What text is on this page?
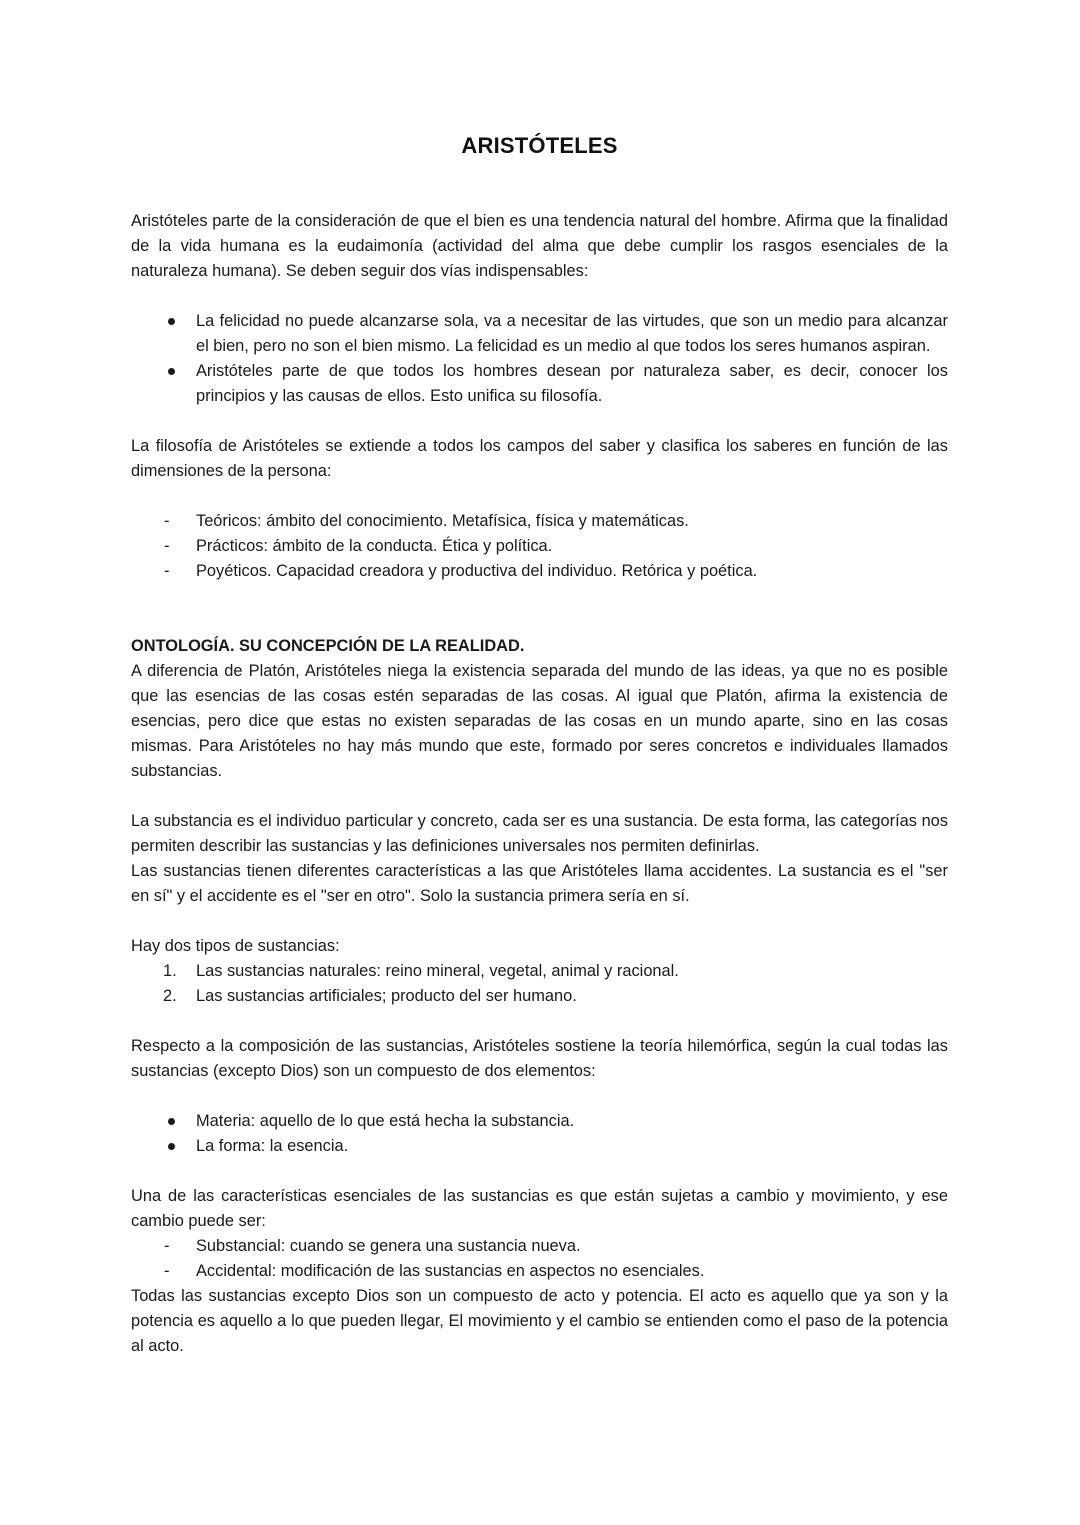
ARISTÓTELES

Aristóteles parte de la consideración de que el bien es una tendencia natural del hombre. Afirma que la finalidad de la vida humana es la eudaimonía (actividad del alma que debe cumplir los rasgos esenciales de la naturaleza humana). Se deben seguir dos vías indispensables:

La felicidad no puede alcanzarse sola, va a necesitar de las virtudes, que son un medio para alcanzar el bien, pero no son el bien mismo. La felicidad es un medio al que todos los seres humanos aspiran.
Aristóteles parte de que todos los hombres desean por naturaleza saber, es decir, conocer los principios y las causas de ellos. Esto unifica su filosofía.

La filosofía de Aristóteles se extiende a todos los campos del saber y clasifica los saberes en función de las dimensiones de la persona:

-	Teóricos: ámbito del conocimiento. Metafísica, física y matemáticas.
-	Prácticos: ámbito de la conducta. Ética y política.
-	Poyéticos. Capacidad creadora y productiva del individuo. Retórica y poética.

ONTOLOGÍA. SU CONCEPCIÓN DE LA REALIDAD.

A diferencia de Platón, Aristóteles niega la existencia separada del mundo de las ideas, ya que no es posible que las esencias de las cosas estén separadas de las cosas. Al igual que Platón, afirma la existencia de esencias, pero dice que estas no existen separadas de las cosas en un mundo aparte, sino en las cosas mismas. Para Aristóteles no hay más mundo que este, formado por seres concretos e individuales llamados substancias.

La substancia es el individuo particular y concreto, cada ser es una sustancia. De esta forma, las categorías nos permiten describir las sustancias y las definiciones universales nos permiten definirlas.

Las sustancias tienen diferentes características a las que Aristóteles llama accidentes. La sustancia es el "ser en sí" y el accidente es el "ser en otro". Solo la sustancia primera sería en sí.

Hay dos tipos de sustancias:

1.	Las sustancias naturales: reino mineral, vegetal, animal y racional.
2.	Las sustancias artificiales; producto del ser humano.

Respecto a la composición de las sustancias, Aristóteles sostiene la teoría hilemórfica, según la cual todas las sustancias (excepto Dios) son un compuesto de dos elementos:

Materia: aquello de lo que está hecha la substancia.
La forma: la esencia.

Una de las características esenciales de las sustancias es que están sujetas a cambio y movimiento, y ese cambio puede ser:

-	Substancial: cuando se genera una sustancia nueva.
-	Accidental: modificación de las sustancias en aspectos no esenciales.

Todas las sustancias excepto Dios son un compuesto de acto y potencia. El acto es aquello que ya son y la potencia es aquello a lo que pueden llegar, El movimiento y el cambio se entienden como el paso de la potencia al acto.
